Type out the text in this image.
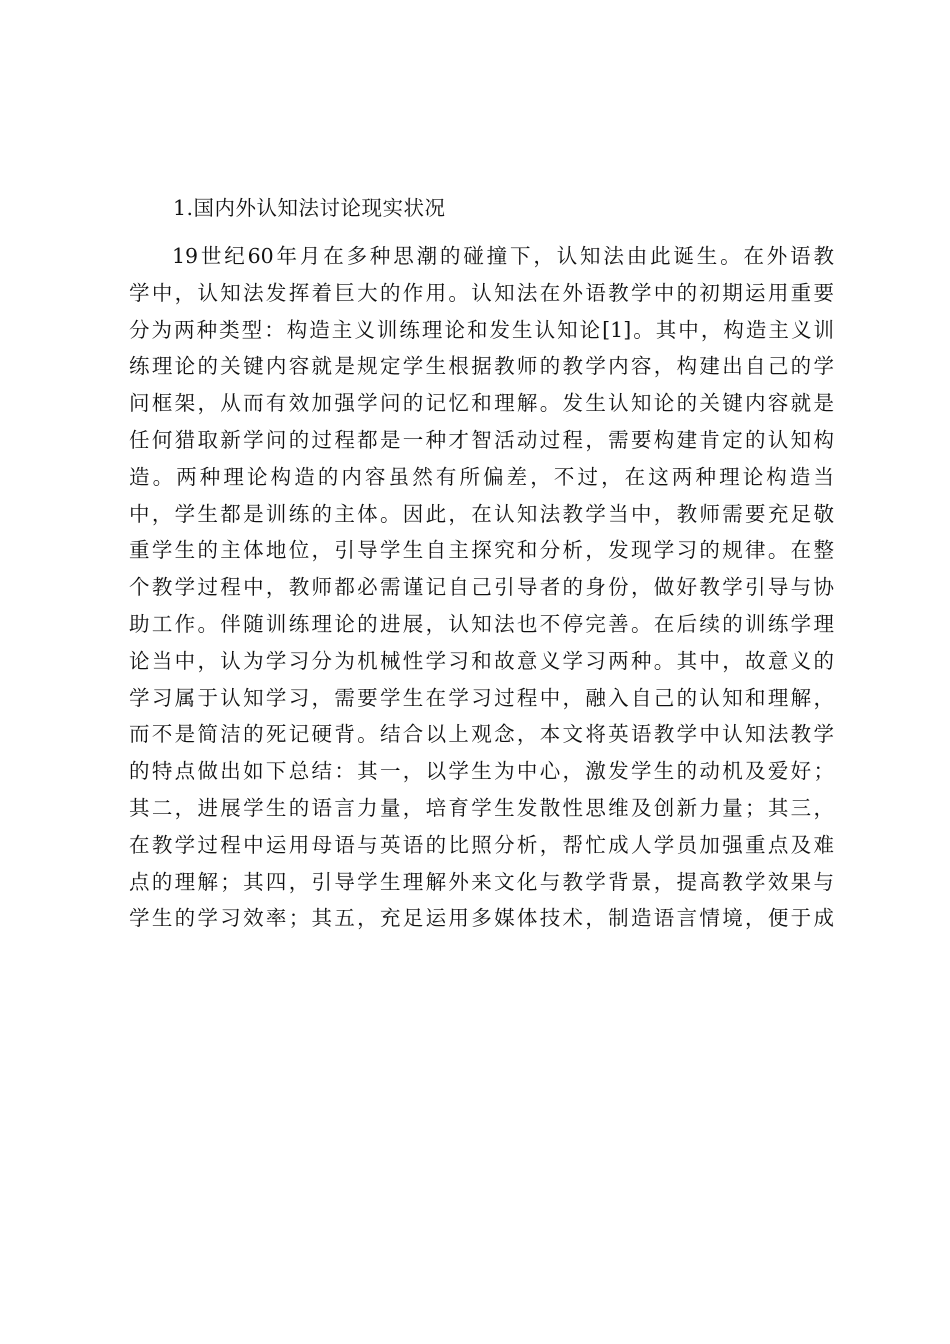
1.国内外认知法讨论现实状况
19世纪60年月在多种思潮的碰撞下，认知法由此诞生。在外语教
学中，认知法发挥着巨大的作用。认知法在外语教学中的初期运用重要
分为两种类型：构造主义训练理论和发生认知论[1]。其中，构造主义训
练理论的关键内容就是规定学生根据教师的教学内容，构建出自己的学
问框架，从而有效加强学问的记忆和理解。发生认知论的关键内容就是
任何猎取新学问的过程都是一种才智活动过程，需要构建肯定的认知构
造。两种理论构造的内容虽然有所偏差，不过，在这两种理论构造当
中，学生都是训练的主体。因此，在认知法教学当中，教师需要充足敬
重学生的主体地位，引导学生自主探究和分析，发现学习的规律。在整
个教学过程中，教师都必需谨记自己引导者的身份，做好教学引导与协
助工作。伴随训练理论的进展，认知法也不停完善。在后续的训练学理
论当中，认为学习分为机械性学习和故意义学习两种。其中，故意义的
学习属于认知学习，需要学生在学习过程中，融入自己的认知和理解，
而不是简洁的死记硬背。结合以上观念，本文将英语教学中认知法教学
的特点做出如下总结：其一，以学生为中心，激发学生的动机及爱好；
其二，进展学生的语言力量，培育学生发散性思维及创新力量；其三，
在教学过程中运用母语与英语的比照分析，帮忙成人学员加强重点及难
点的理解；其四，引导学生理解外来文化与教学背景，提高教学效果与
学生的学习效率；其五，充足运用多媒体技术，制造语言情境，便于成
